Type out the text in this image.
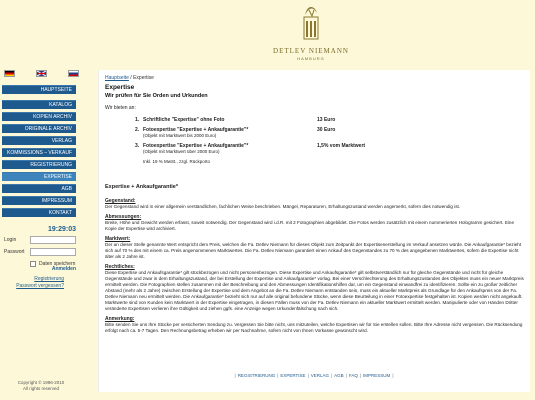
DETLEV NIEMANN
HAMBURG
HAUPTSEITE
KATALOG
KOPIEN ARCHIV
ORIGINALE ARCHIV
VERLAG
KOMMISSIONS – VERKAUF
REGISTRIERUNG
EXPERTISE
AGB
IMPRESSUM
KONTAKT
19:29:03
Login
Passwort
Daten speichern
Anmelden
Registrierung
Passwort vergessen?
Copyright © 1996-2010
All rights reserved
Hauptseite / Expertise
Expertise
Wir prüfen für Sie Orden und Urkunden
Wir bieten an:
1. Schriftliche "Expertise" ohne Foto	13 Euro
2. Fotoexpertise "Expertise + Ankaufgarantie"*
(Objekt mit Marktwert bis 2000 Euro)
30 Euro
3. Fotoexpertise "Expertise + Ankaufgarantie"*
(Objekt mit Marktwert über 2000 Euro)
1,5% vom Marktwert
Inkl. 19 % MwSt., zzgl. Rückporto
Expertise + Ankaufgarantie*
Gegenstand:
Der Gegenstand wird in einer allgemein verständlichen, fachlichen Weise beschrieben. Mängel, Reparaturen, Erhaltungszustand werden angemerkt, sofern dies notwendig ist.
Abmessungen:
Breite, Höhe und Gewicht werden erfasst, soweit notwendig. Der Gegenstand wird i.d.R. mit 2 Fotographien abgebildet. Die Fotos werden zusätzlich mit einem nummerierten Hologramm gesichert. Eine Kopie der Expertise wird archiviert.
Marktwert:
Der an dieser Stelle genannte Wert entspricht dem Preis, welchen die Fa. Detlev Niemann für dieses Objekt zum Zeitpunkt der Expertisenerstellung im Verkauf ansetzen würde. Die Ankaufgarantie* bezieht sich auf 70 % des mit einem ca. Preis angenommenen Marktwertes. Die Fa. Detlev Niemann garantiert einen Ankauf des Gegenstandes zu 70 % des angegebenen Marktwertes, sofern die Expertise nicht älter als 2 Jahre ist.
Rechtliches:
Diese Expertise und Ankaufsgarantie* gilt stückbezogen und nicht personenbezogen. Diese Expertise und Ankaufsgarantie* gilt selbstverständlich nur für gleiche Gegenstände und nicht für gleiche Gegenstände und zwar in dem Erhaltungszustand, der bei Erstellung der Expertise und Ankaufgarantie* vorlag. Bei einer Verschlechterung des Erhaltungszustandes des Objektes muss ein neuer Marktpreis ermittelt werden. Die Fotographien stellen zusammen mit der Beschreibung und den Abmessungen Identifikationshilfen dar, um ein Gegenstand einwandfrei zu identifizieren. Sollte ein zu großer zeitlicher Abstand (mehr als 2 Jahre) zwischen Erstellung der Expertise und dem Angebot an die Fa. Detlev Niemann entstanden sein, muss ein aktueller Marktpreis als Grundlage für den Ankaufspreis von der Fa. Detlev Niemann neu ermittelt werden. Die Ankaufgarantie* bezieht sich nur auf alle original befundene Stücke, wenn diese Beurteilung in einer Fotoexpertise festgehalten ist. Kopien werden nicht angekauft. Marktwerte sind von Kunden kein Marktwert in der Expertise eingetragen, in diesen Fällen muss von der Fa. Detlev Niemann ein aktueller Marktwert ermittelt werden. Manipulierte oder von Händen Dritter veränderte Expertisen verlieren ihre Gültigkeit und ziehen ggfs. eine Anzeige wegen Urkundenfälschung nach sich.
Anmerkung:
Bitte senden Sie uns Ihre Stücke per versicherten Sendung zu. Vergessen Sie bitte nicht, uns mitzuteilen, welche Expertisen wir für Sie erstellen sollen. Bitte Ihre Adresse nicht vergessen. Die Rücksendung erfolgt nach ca. 5-7 Tagen. Den Rechnungsbetrag erheben wir per Nachnahme, sofern nicht von Ihnen Vorkasse gewünscht wird.
| REGISTRIERUNG | EXPERTISE | VERLAG | AGB | FAQ | IMPRESSUM |
